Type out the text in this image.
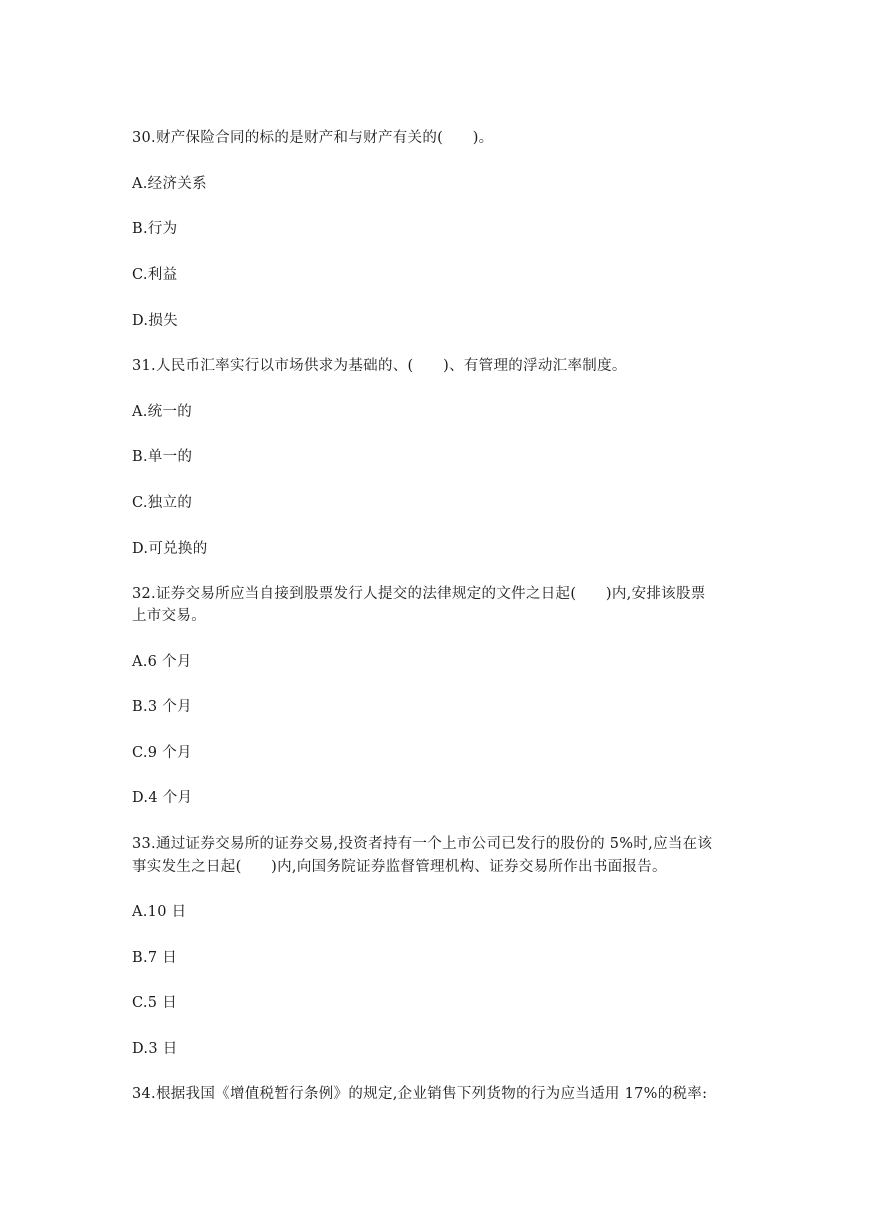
30.财产保险合同的标的是财产和与财产有关的(　　)。
A.经济关系
B.行为
C.利益
D.损失
31.人民币汇率实行以市场供求为基础的、(　　)、有管理的浮动汇率制度。
A.统一的
B.单一的
C.独立的
D.可兑换的
32.证券交易所应当自接到股票发行人提交的法律规定的文件之日起(　　)内,安排该股票
上市交易。
A.6 个月
B.3 个月
C.9 个月
D.4 个月
33.通过证券交易所的证券交易,投资者持有一个上市公司已发行的股份的 5%时,应当在该
事实发生之日起(　　)内,向国务院证券监督管理机构、证券交易所作出书面报告。
A.10 日
B.7 日
C.5 日
D.3 日
34.根据我国《增值税暂行条例》的规定,企业销售下列货物的行为应当适用 17%的税率:
